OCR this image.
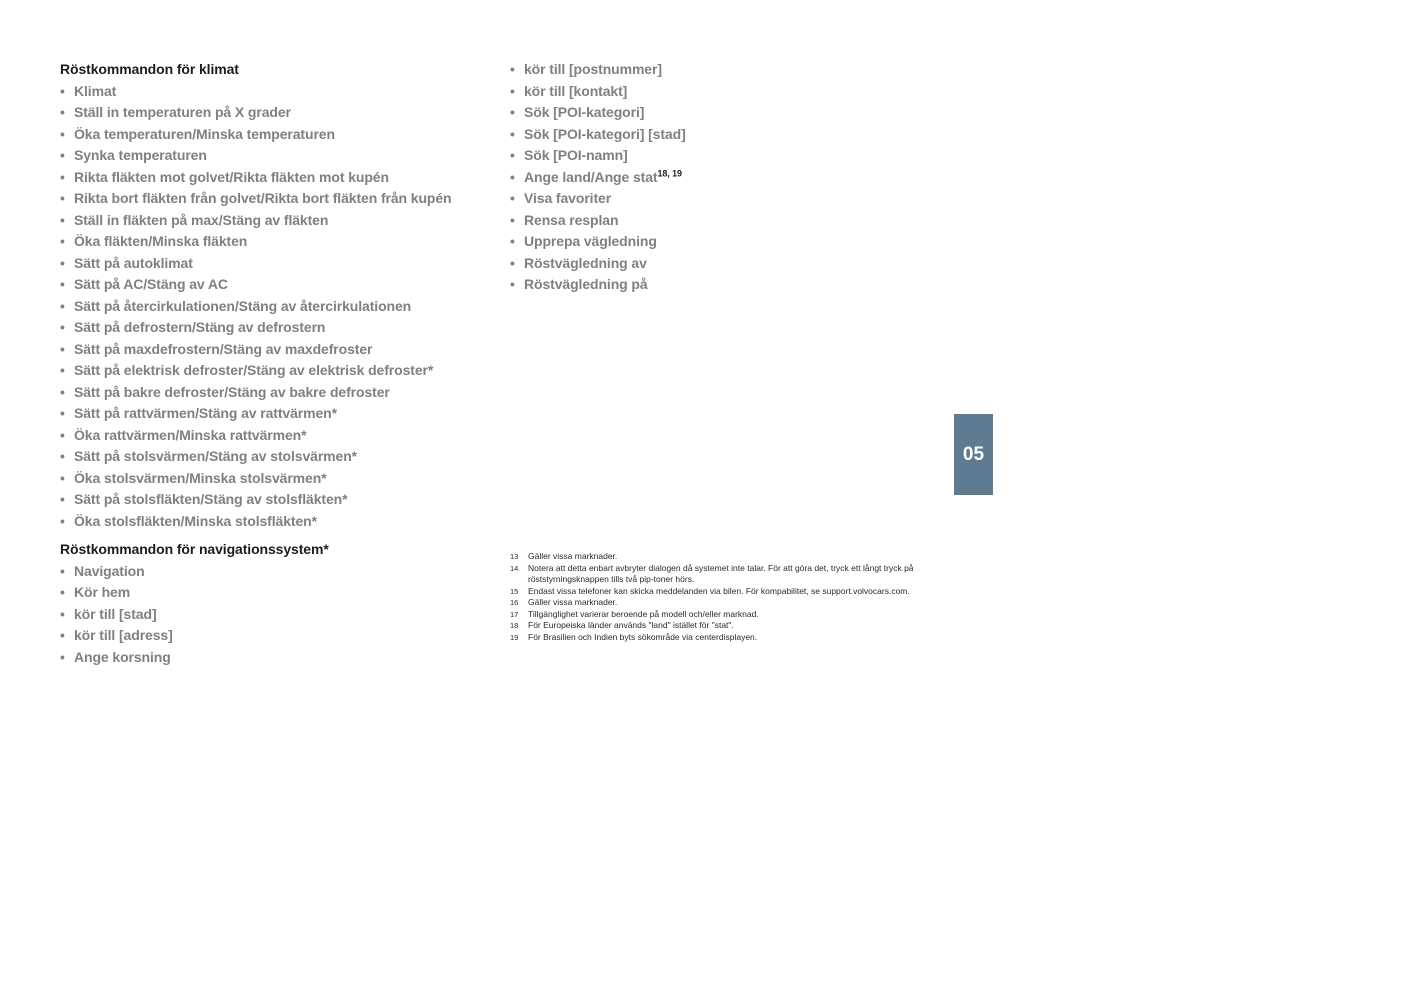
Röstkommandon för klimat
• Klimat
• Ställ in temperaturen på X grader
• Öka temperaturen/Minska temperaturen
• Synka temperaturen
• Rikta fläkten mot golvet/Rikta fläkten mot kupén
• Rikta bort fläkten från golvet/Rikta bort fläkten från kupén
• Ställ in fläkten på max/Stäng av fläkten
• Öka fläkten/Minska fläkten
• Sätt på autoklimat
• Sätt på AC/Stäng av AC
• Sätt på återcirkulationen/Stäng av återcirkulationen
• Sätt på defrostern/Stäng av defrostern
• Sätt på maxdefrostern/Stäng av maxdefroster
• Sätt på elektrisk defroster/Stäng av elektrisk defroster*
• Sätt på bakre defroster/Stäng av bakre defroster
• Sätt på rattvärmen/Stäng av rattvärmen*
• Öka rattvärmen/Minska rattvärmen*
• Sätt på stolsvärmen/Stäng av stolsvärmen*
• Öka stolsvärmen/Minska stolsvärmen*
• Sätt på stolsfläkten/Stäng av stolsfläkten*
• Öka stolsfläkten/Minska stolsfläkten*
Röstkommandon för navigationssystem*
• Navigation
• Kör hem
• kör till [stad]
• kör till [adress]
• Ange korsning
• kör till [postnummer]
• kör till [kontakt]
• Sök [POI-kategori]
• Sök [POI-kategori] [stad]
• Sök [POI-namn]
• Ange land/Ange stat$^{18, 19}$
• Visa favoriter
• Rensa resplan
• Upprepa vägledning
• Röstvägledning av
• Röstvägledning på
05
13	Gäller vissa marknader.
14	Notera att detta enbart avbryter dialogen då systemet inte talar. För att göra det, tryck ett långt tryck på röststyrningsknappen tills två pip-toner hörs.
15	Endast vissa telefoner kan skicka meddelanden via bilen. För kompabilitet, se support.volvocars.com.
16	Gäller vissa marknader.
17	Tillgänglighet varierar beroende på modell och/eller marknad.
18	För Europeiska länder används "land" istället för "stat".
19	För Brasilien och Indien byts sökområde via centerdisplayen.
